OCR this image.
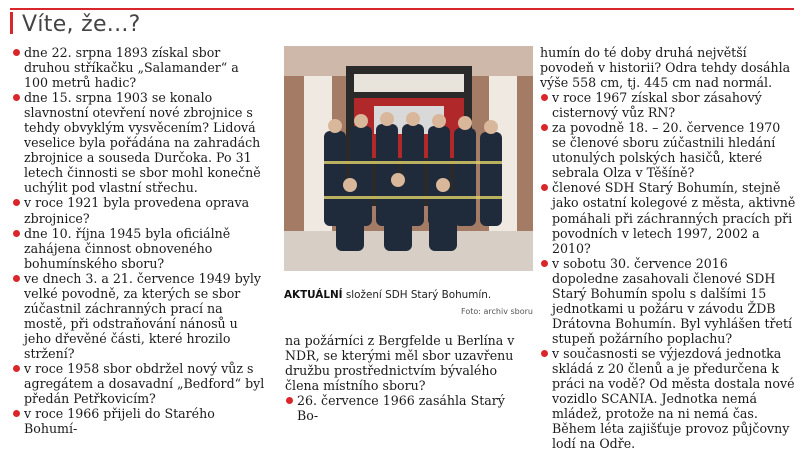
Víte, že...?

dne 22. srpna 1893 získal sbor druhou stříkačku „Salamander“ a 100 metrů hadic?

dne 15. srpna 1903 se konalo slavnostní otevření nové zbrojnice s tehdy obvyklým vysvěcením? Lidová veselice byla pořádána na zahradách zbrojnice a souseda Durčoka. Po 31 letech činnosti se sbor mohl konečně uchýlit pod vlastní střechu.

v roce 1921 byla provedena oprava zbrojnice?

dne 10. října 1945 byla oficiálně zahájena činnost obnoveného bohumínského sboru?

ve dnech 3. a 21. července 1949 byly velké povodně, za kterých se sbor zúčastnil záchranných prací na mostě, při odstraňování nánosů u jeho dřevěné části, které hrozilo stržení?

v roce 1958 sbor obdržel nový vůz s agregátem a dosavadní „Bedford“ byl předán Petřkovicím?

v roce 1966 přijeli do Starého Bohumí-

AKTUÁLNÍ složení SDH Starý Bohumín.
Foto: archiv sboru

na požárníci z Bergfelde u Berlína v NDR, se kterými měl sbor uzavřenu družbu prostřednictvím bývalého člena místního sboru?

26. července 1966 zasáhla Starý Bo-

humín do té doby druhá největší povodeň v historii? Odra tehdy dosáhla výše 558 cm, tj. 445 cm nad normál.

v roce 1967 získal sbor zásahový cisternový vůz RN?

za povodně 18. – 20. července 1970 se členové sboru zúčastnili hledání utonulých polských hasičů, které sebrala Olza v Těšíně?

členové SDH Starý Bohumín, stejně jako ostatní kolegové z města, aktivně pomáhali při záchranných pracích při povodních v letech 1997, 2002 a 2010?

v sobotu 30. července 2016 dopoledne zasahovali členové SDH Starý Bohumín spolu s dalšími 15 jednotkami u požáru v závodu ŽDB Drátovna Bohumín. Byl vyhlášen třetí stupeň požárního poplachu?

v současnosti se výjezdová jednotka skládá z 20 členů a je předurčena k práci na vodě? Od města dostala nové vozidlo SCANIA. Jednotka nemá mládež, protože na ni nemá čas. Během léta zajišťuje provoz půjčovny lodí na Odře.
